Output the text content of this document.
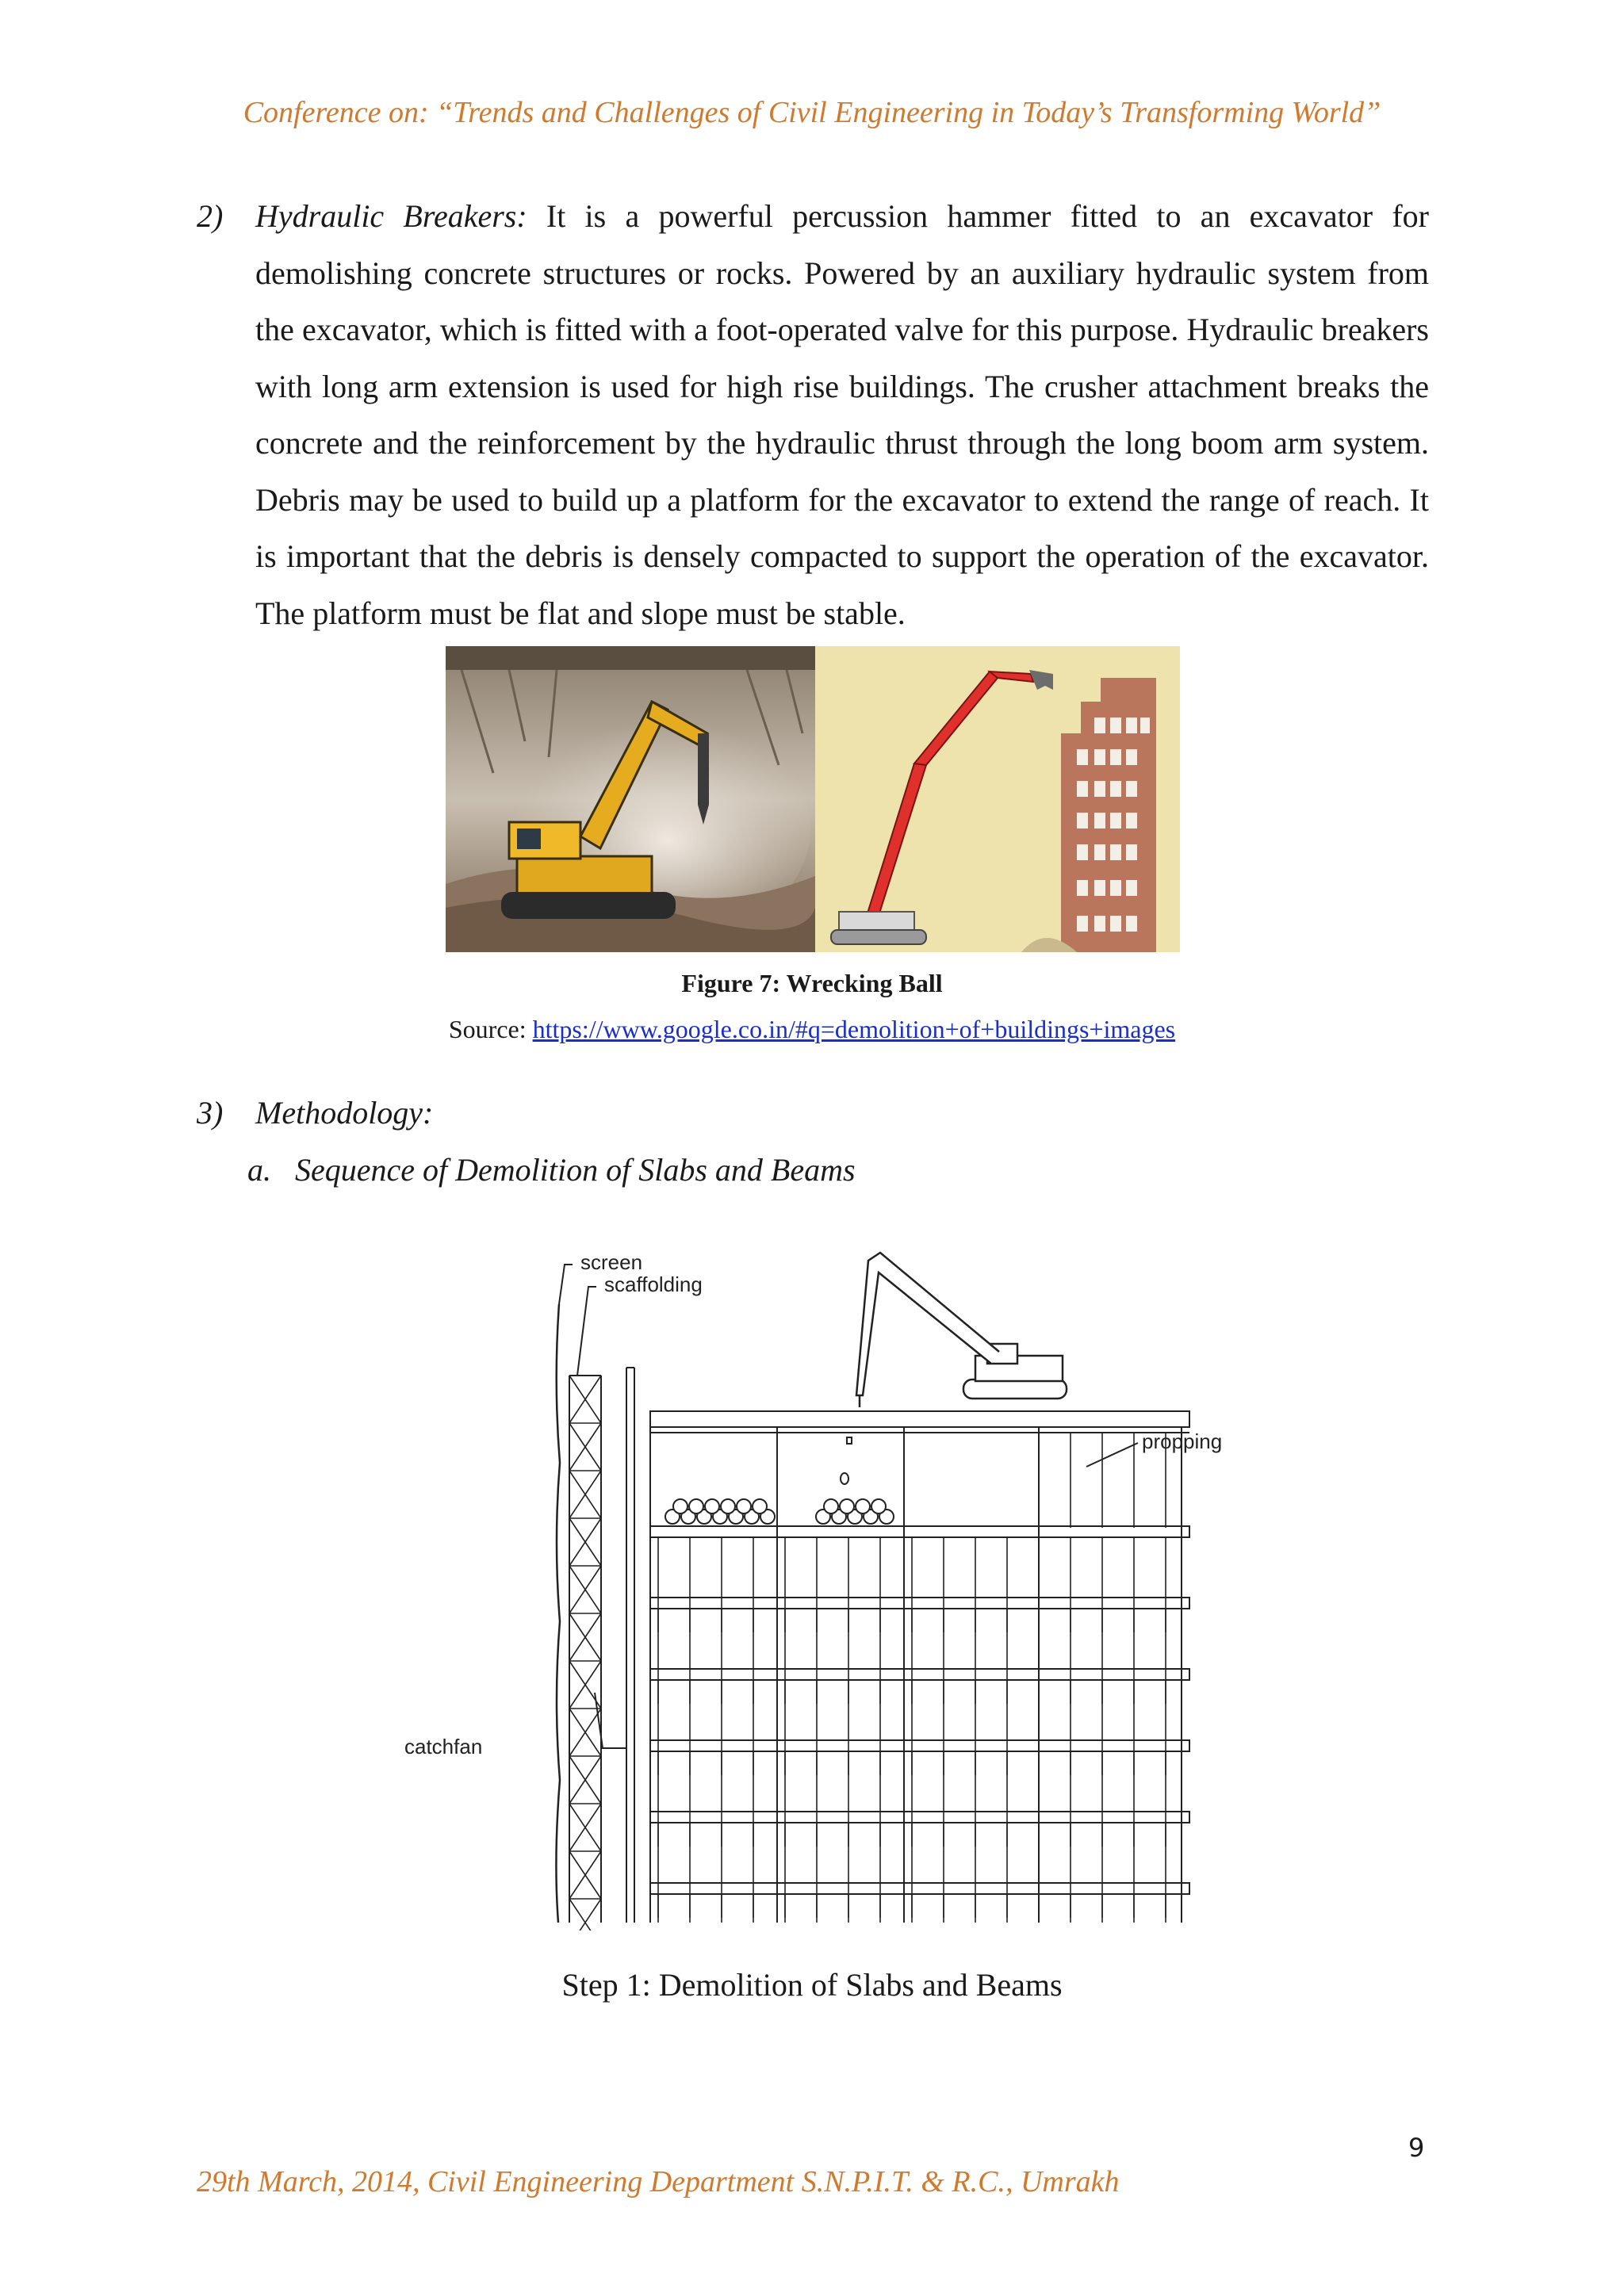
Conference on: “Trends and Challenges of Civil Engineering in Today’s Transforming World”
2) Hydraulic Breakers: It is a powerful percussion hammer fitted to an excavator for demolishing concrete structures or rocks. Powered by an auxiliary hydraulic system from the excavator, which is fitted with a foot-operated valve for this purpose. Hydraulic breakers with long arm extension is used for high rise buildings. The crusher attachment breaks the concrete and the reinforcement by the hydraulic thrust through the long boom arm system. Debris may be used to build up a platform for the excavator to extend the range of reach. It is important that the debris is densely compacted to support the operation of the excavator. The platform must be flat and slope must be stable.
Figure 7: Wrecking Ball
Source: https://www.google.co.in/#q=demolition+of+buildings+images
3) Methodology:
a. Sequence of Demolition of Slabs and Beams
screen
scaffolding
propping
catchfan
Step 1: Demolition of Slabs and Beams
9
29th March, 2014, Civil Engineering Department S.N.P.I.T. & R.C., Umrakh
